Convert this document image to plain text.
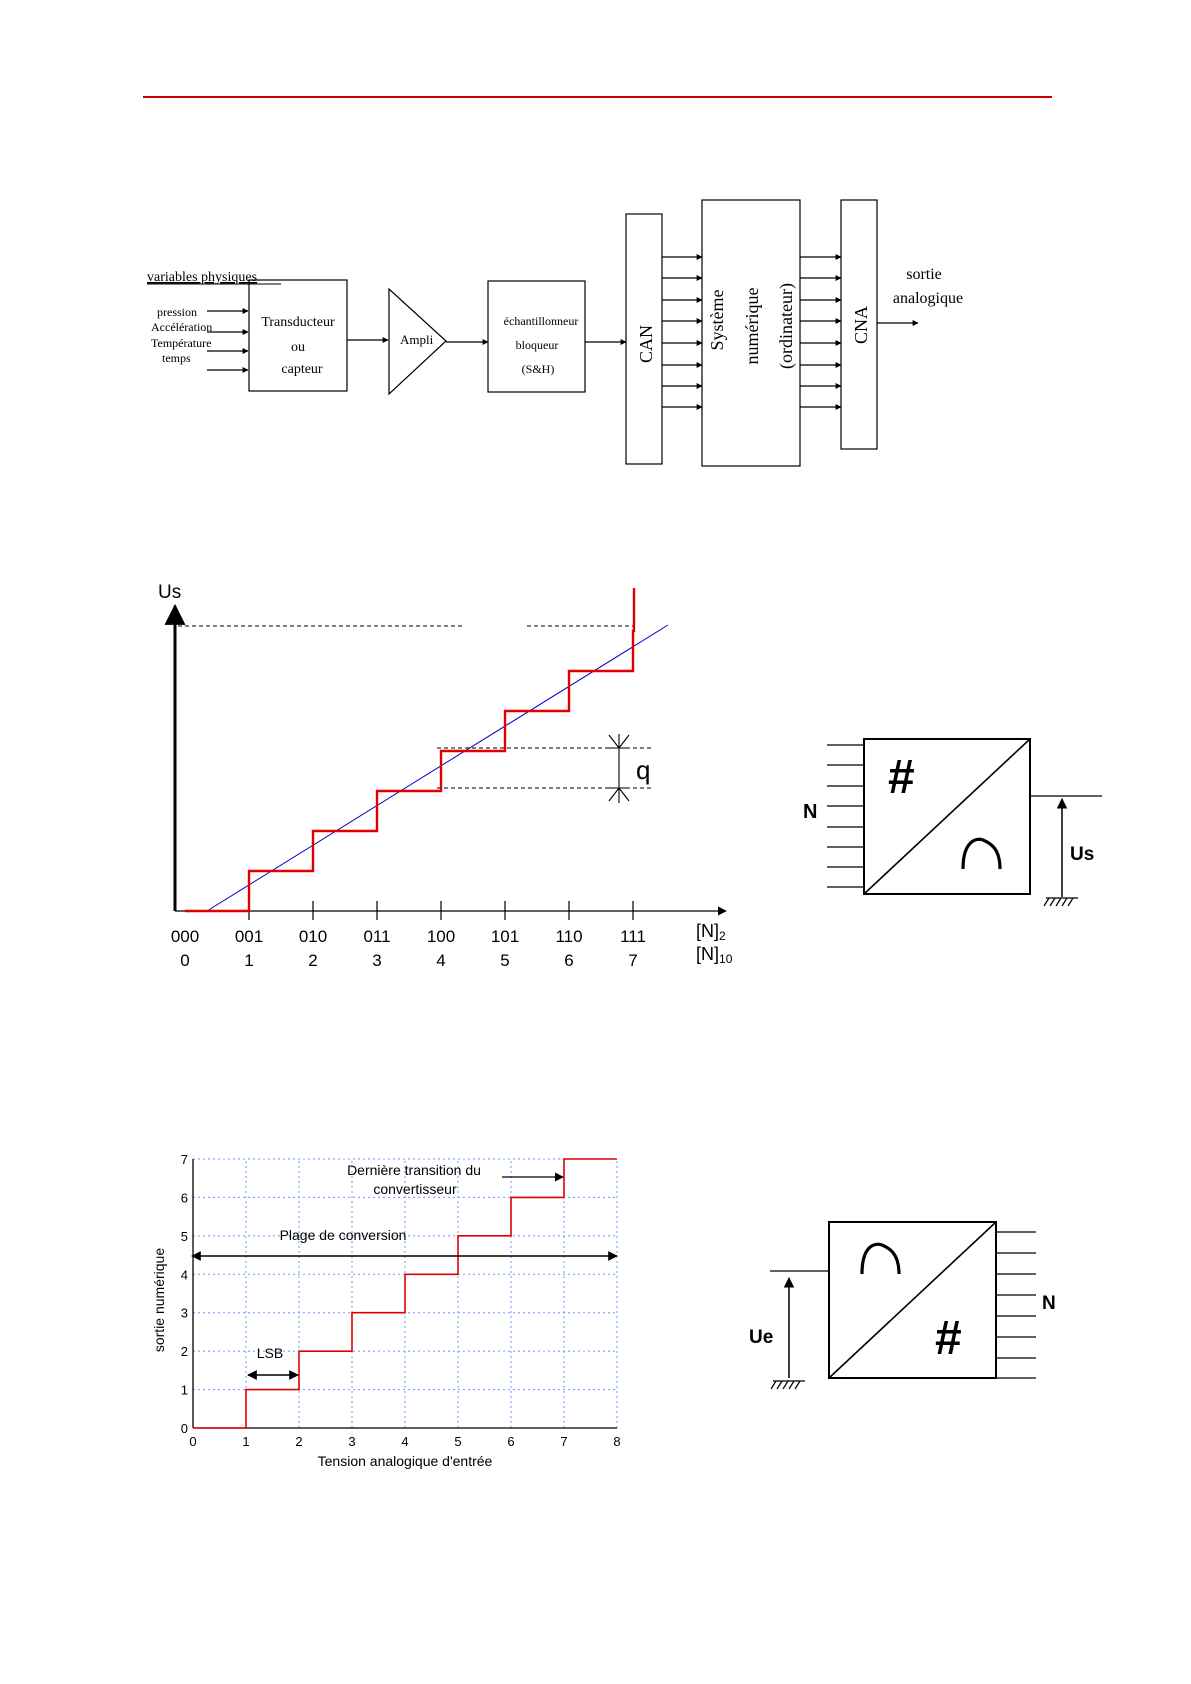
variables physiques
pression
Accélération
Température
temps
Transducteur
ou
capteur
Ampli
échantillonneur
bloqueur
(S&H)
CAN	Système numérique (ordinateur)	CNA
sortie
analogique
Us
q
000
0
001
1
010
2
011
3
100
4
101
5
110
6
111
7
[N]2
[N]10
#
N
Us
0	1	2	3	4	5	6	7	8
0
1
2
3
4
5
6
7
Tension analogique d'entrée
sortie numérique
Dernière transition du
convertisseur
Plage de conversion
LSB	#
Ue
N
